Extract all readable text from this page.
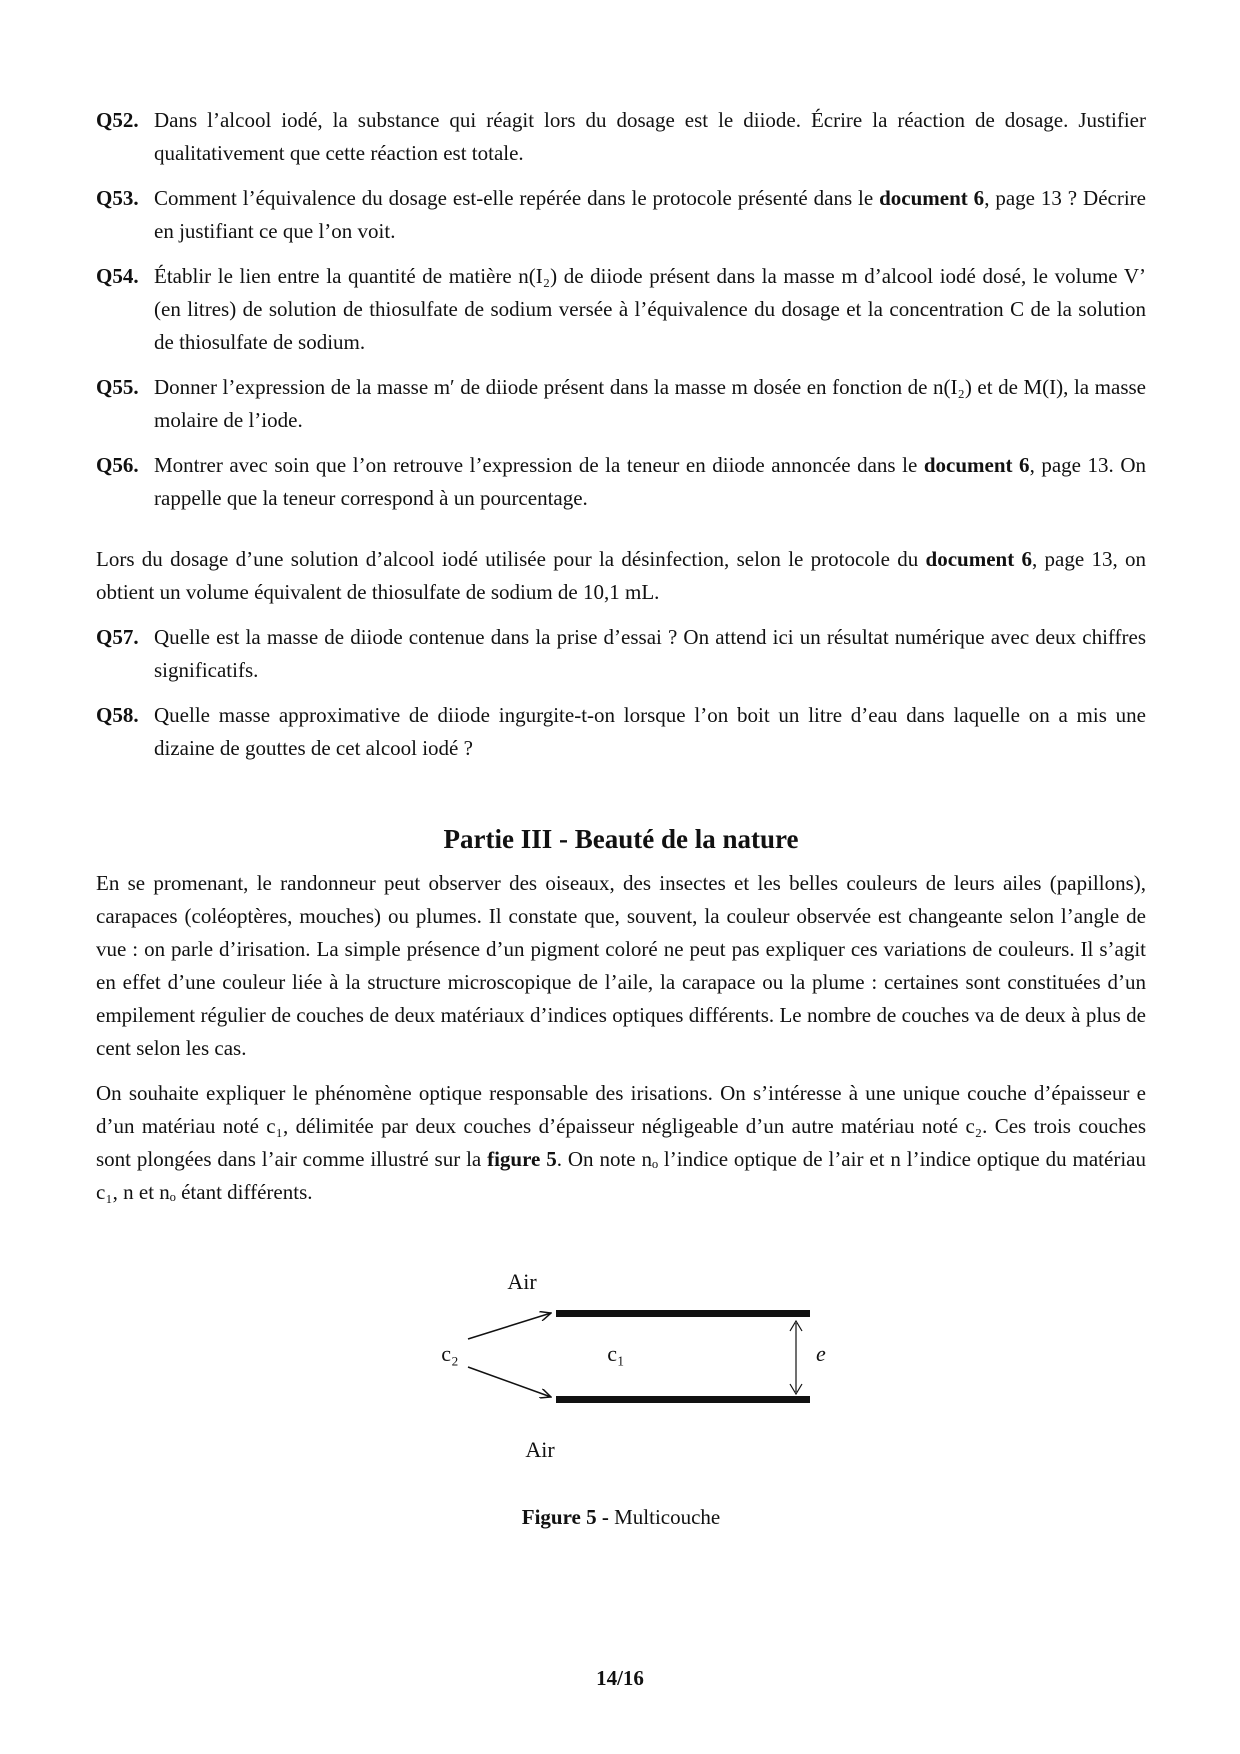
Q52. Dans l’alcool iodé, la substance qui réagit lors du dosage est le diiode. Écrire la réaction de dosage. Justifier qualitativement que cette réaction est totale.
Q53. Comment l’équivalence du dosage est-elle repérée dans le protocole présenté dans le document 6, page 13 ? Décrire en justifiant ce que l’on voit.
Q54. Établir le lien entre la quantité de matière n(I₂) de diiode présent dans la masse m d’alcool iodé dosé, le volume V’ (en litres) de solution de thiosulfate de sodium versée à l’équivalence du dosage et la concentration C de la solution de thiosulfate de sodium.
Q55. Donner l’expression de la masse m′ de diiode présent dans la masse m dosée en fonction de n(I₂) et de M(I), la masse molaire de l’iode.
Q56. Montrer avec soin que l’on retrouve l’expression de la teneur en diiode annoncée dans le document 6, page 13. On rappelle que la teneur correspond à un pourcentage.

Lors du dosage d’une solution d’alcool iodé utilisée pour la désinfection, selon le protocole du document 6, page 13, on obtient un volume équivalent de thiosulfate de sodium de 10,1 mL.

Q57. Quelle est la masse de diiode contenue dans la prise d’essai ? On attend ici un résultat numérique avec deux chiffres significatifs.
Q58. Quelle masse approximative de diiode ingurgite-t-on lorsque l’on boit un litre d’eau dans laquelle on a mis une dizaine de gouttes de cet alcool iodé ?
Partie III - Beauté de la nature

En se promenant, le randonneur peut observer des oiseaux, des insectes et les belles couleurs de leurs ailes (papillons), carapaces (coléoptères, mouches) ou plumes. Il constate que, souvent, la couleur observée est changeante selon l’angle de vue : on parle d’irisation. La simple présence d’un pigment coloré ne peut pas expliquer ces variations de couleurs. Il s’agit en effet d’une couleur liée à la structure microscopique de l’aile, la carapace ou la plume : certaines sont constituées d’un empilement régulier de couches de deux matériaux d’indices optiques différents. Le nombre de couches va de deux à plus de cent selon les cas.

On souhaite expliquer le phénomène optique responsable des irisations. On s’intéresse à une unique couche d’épaisseur e d’un matériau noté c₁, délimitée par deux couches d’épaisseur négligeable d’un autre matériau noté c₂. Ces trois couches sont plongées dans l’air comme illustré sur la figure 5. On note nₒ l’indice optique de l’air et n l’indice optique du matériau c₁, n et nₒ étant différents.

Air
c₂	c₁	e
Air
Figure 5 - Multicouche
14/16
